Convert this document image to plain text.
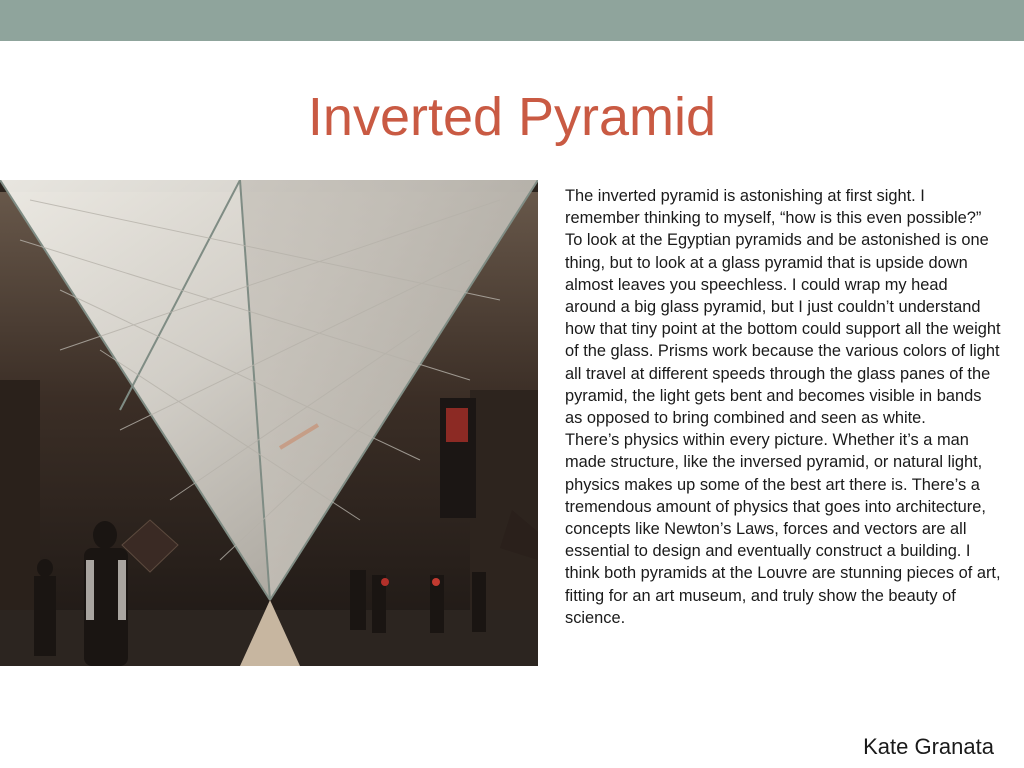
Inverted Pyramid

The inverted pyramid is astonishing at first sight. I remember thinking to myself, “how is this even possible?” To look at the Egyptian pyramids and be astonished is one thing, but to look at a glass pyramid that is upside down almost leaves you speechless. I could wrap my head around a big glass pyramid, but I just couldn’t understand how that tiny point at the bottom could support all the weight of the glass. Prisms work because the various colors of light all travel at different speeds through the glass panes of the pyramid, the light gets bent and becomes visible in bands as opposed to bring combined and seen as white.

There’s physics within every picture. Whether it’s a man made structure, like the inversed pyramid, or natural light, physics makes up some of the best art there is. There’s a tremendous amount of physics that goes into architecture, concepts like Newton’s Laws, forces and vectors are all essential to design and eventually construct a building. I think both pyramids at the Louvre are stunning pieces of art, fitting for an art museum, and truly show the beauty of science.

Kate Granata
